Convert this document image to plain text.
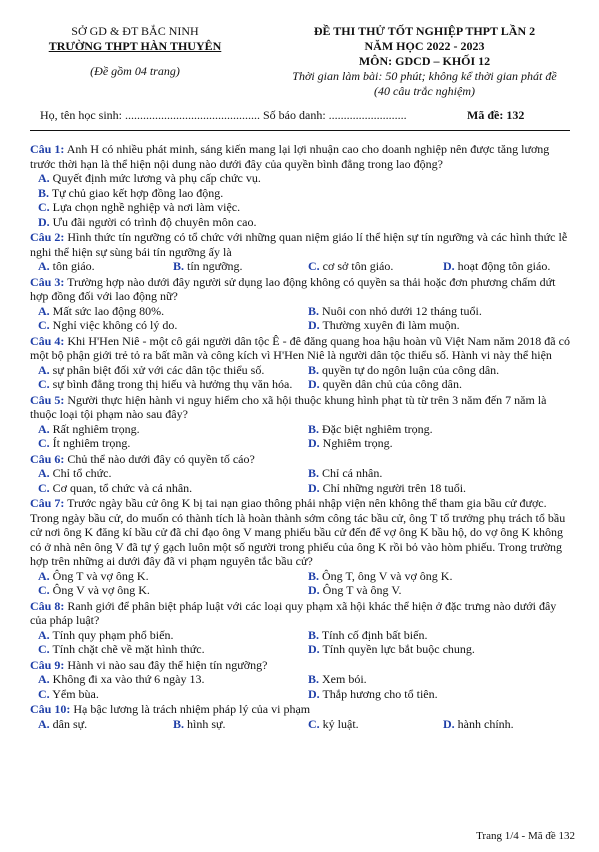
SỞ GD & ĐT BẮC NINH
TRƯỜNG THPT HÀN THUYÊN
(Đề gồm 04 trang)
ĐỀ THI THỬ TỐT NGHIỆP THPT LẦN 2
NĂM HỌC 2022 - 2023
MÔN: GDCD – KHỐI 12
Thời gian làm bài: 50 phút; không kể thời gian phát đề
(40 câu trắc nghiệm)
Họ, tên học sinh: ............................................. Số báo danh: ..........................	Mã đề: 132
Câu 1: Anh H có nhiều phát minh, sáng kiến mang lại lợi nhuận cao cho doanh nghiệp nên được tăng lương trước thời hạn là thể hiện nội dung nào dưới đây của quyền bình đẳng trong lao động?
A. Quyết định mức lương và phụ cấp chức vụ.
B. Tự chủ giao kết hợp đồng lao động.
C. Lựa chọn nghề nghiệp và nơi làm việc.
D. Ưu đãi người có trình độ chuyên môn cao.
Câu 2: Hình thức tín ngưỡng có tổ chức với những quan niệm giáo lí thể hiện sự tín ngưỡng và các hình thức lễ nghi thể hiện sự sùng bái tín ngưỡng ấy là
A. tôn giáo.	B. tín ngưỡng.	C. cơ sở tôn giáo.	D. hoạt động tôn giáo.
Câu 3: Trường hợp nào dưới đây người sử dụng lao động không có quyền sa thải hoặc đơn phương chấm dứt hợp đồng đối với lao động nữ?
A. Mất sức lao động 80%.	B. Nuôi con nhỏ dưới 12 tháng tuổi.
C. Nghỉ việc không có lý do.	D. Thường xuyên đi làm muộn.
Câu 4: Khi H'Hen Niê - một cô gái người dân tộc Ê - đê đăng quang hoa hậu hoàn vũ Việt Nam năm 2018 đã có một bộ phận giới trẻ tỏ ra bất mãn và công kích vì H'Hen Niê là người dân tộc thiểu số. Hành vi này thể hiện
A. sự phân biệt đối xử với các dân tộc thiểu số.	B. quyền tự do ngôn luận của công dân.
C. sự bình đẳng trong thị hiếu và hưởng thụ văn hóa.	D. quyền dân chủ của công dân.
Câu 5: Người thực hiện hành vi nguy hiểm cho xã hội thuộc khung hình phạt tù từ trên 3 năm đến 7 năm là thuộc loại tội phạm nào sau đây?
A. Rất nghiêm trọng.	B. Đặc biệt nghiêm trọng.
C. Ít nghiêm trọng.	D. Nghiêm trọng.
Câu 6: Chủ thể nào dưới đây có quyền tố cáo?
A. Chỉ tổ chức.	B. Chỉ cá nhân.
C. Cơ quan, tổ chức và cá nhân.	D. Chỉ những người trên 18 tuổi.
Câu 7: Trước ngày bầu cử ông K bị tai nạn giao thông phải nhập viện nên không thể tham gia bầu cử được. Trong ngày bầu cử, do muốn có thành tích là hoàn thành sớm công tác bầu cử, ông T tổ trưởng phụ trách tổ bầu cử nơi ông K đăng kí bầu cử đã chỉ đạo ông V mang phiếu bầu cử đến để vợ ông K bầu hộ, do vợ ông K không có ở nhà nên ông V đã tự ý gạch luôn một số người trong phiếu của ông K rồi bỏ vào hòm phiếu. Trong trường hợp trên những ai dưới đây đã vi phạm nguyên tắc bầu cử?
A. Ông T và vợ ông K.	B. Ông T, ông V và vợ ông K.
C. Ông V và vợ ông K.	D. Ông T và ông V.
Câu 8: Ranh giới để phân biệt pháp luật với các loại quy phạm xã hội khác thể hiện ở đặc trưng nào dưới đây của pháp luật?
A. Tính quy phạm phổ biến.	B. Tính cố định bất biến.
C. Tính chặt chẽ về mặt hình thức.	D. Tính quyền lực bắt buộc chung.
Câu 9: Hành vi nào sau đây thể hiện tín ngưỡng?
A. Không đi xa vào thứ 6 ngày 13.	B. Xem bói.
C. Yểm bùa.	D. Thắp hương cho tổ tiên.
Câu 10: Hạ bậc lương là trách nhiệm pháp lý của vi phạm
A. dân sự.	B. hình sự.	C. kỷ luật.	D. hành chính.
Trang 1/4 - Mã đề 132
